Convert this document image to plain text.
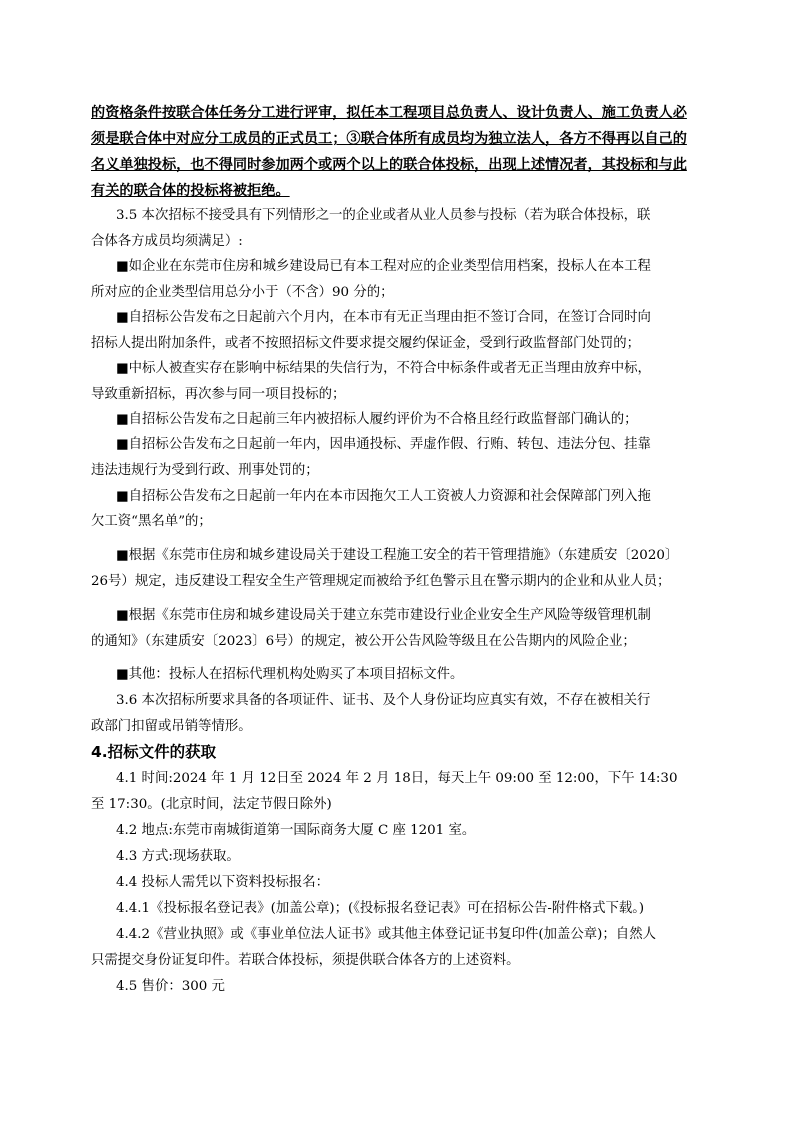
的资格条件按联合体任务分工进行评审，拟任本工程项目总负责人、设计负责人、施工负责人必
须是联合体中对应分工成员的正式员工；③联合体所有成员均为独立法人，各方不得再以自己的
名义单独投标，也不得同时参加两个或两个以上的联合体投标，出现上述情况者，其投标和与此
有关的联合体的投标将被拒绝。
3.5 本次招标不接受具有下列情形之一的企业或者从业人员参与投标（若为联合体投标，联
合体各方成员均须满足）:
■如企业在东莞市住房和城乡建设局已有本工程对应的企业类型信用档案，投标人在本工程
所对应的企业类型信用总分小于（不含）90 分的；
■自招标公告发布之日起前六个月内，在本市有无正当理由拒不签订合同，在签订合同时向
招标人提出附加条件，或者不按照招标文件要求提交履约保证金，受到行政监督部门处罚的；
■中标人被查实存在影响中标结果的失信行为，不符合中标条件或者无正当理由放弃中标，
导致重新招标，再次参与同一项目投标的；
■自招标公告发布之日起前三年内被招标人履约评价为不合格且经行政监督部门确认的；
■自招标公告发布之日起前一年内，因串通投标、弄虚作假、行贿、转包、违法分包、挂靠
违法违规行为受到行政、刑事处罚的；
■自招标公告发布之日起前一年内在本市因拖欠工人工资被人力资源和社会保障部门列入拖
欠工资“黑名单”的；
■根据《东莞市住房和城乡建设局关于建设工程施工安全的若干管理措施》（东建质安〔2020〕
26号）规定，违反建设工程安全生产管理规定而被给予红色警示且在警示期内的企业和从业人员；
■根据《东莞市住房和城乡建设局关于建立东莞市建设行业企业安全生产风险等级管理机制
的通知》（东建质安〔2023〕6号）的规定，被公开公告风险等级且在公告期内的风险企业；
■其他：投标人在招标代理机构处购买了本项目招标文件。
3.6 本次招标所要求具备的各项证件、证书、及个人身份证均应真实有效，不存在被相关行
政部门扣留或吊销等情形。
4.招标文件的获取
4.1 时间:2024 年 1 月 12日至 2024 年 2 月 18日，每天上午 09:00 至 12:00，下午 14:30
至 17:30。(北京时间，法定节假日除外)
4.2 地点:东莞市南城街道第一国际商务大厦 C 座 1201 室。
4.3 方式:现场获取。
4.4 投标人需凭以下资料投标报名：
4.4.1《投标报名登记表》(加盖公章)；(《投标报名登记表》可在招标公告-附件格式下载。)
4.4.2《营业执照》或《事业单位法人证书》或其他主体登记证书复印件(加盖公章)；自然人
只需提交身份证复印件。若联合体投标，须提供联合体各方的上述资料。
4.5 售价：300 元
